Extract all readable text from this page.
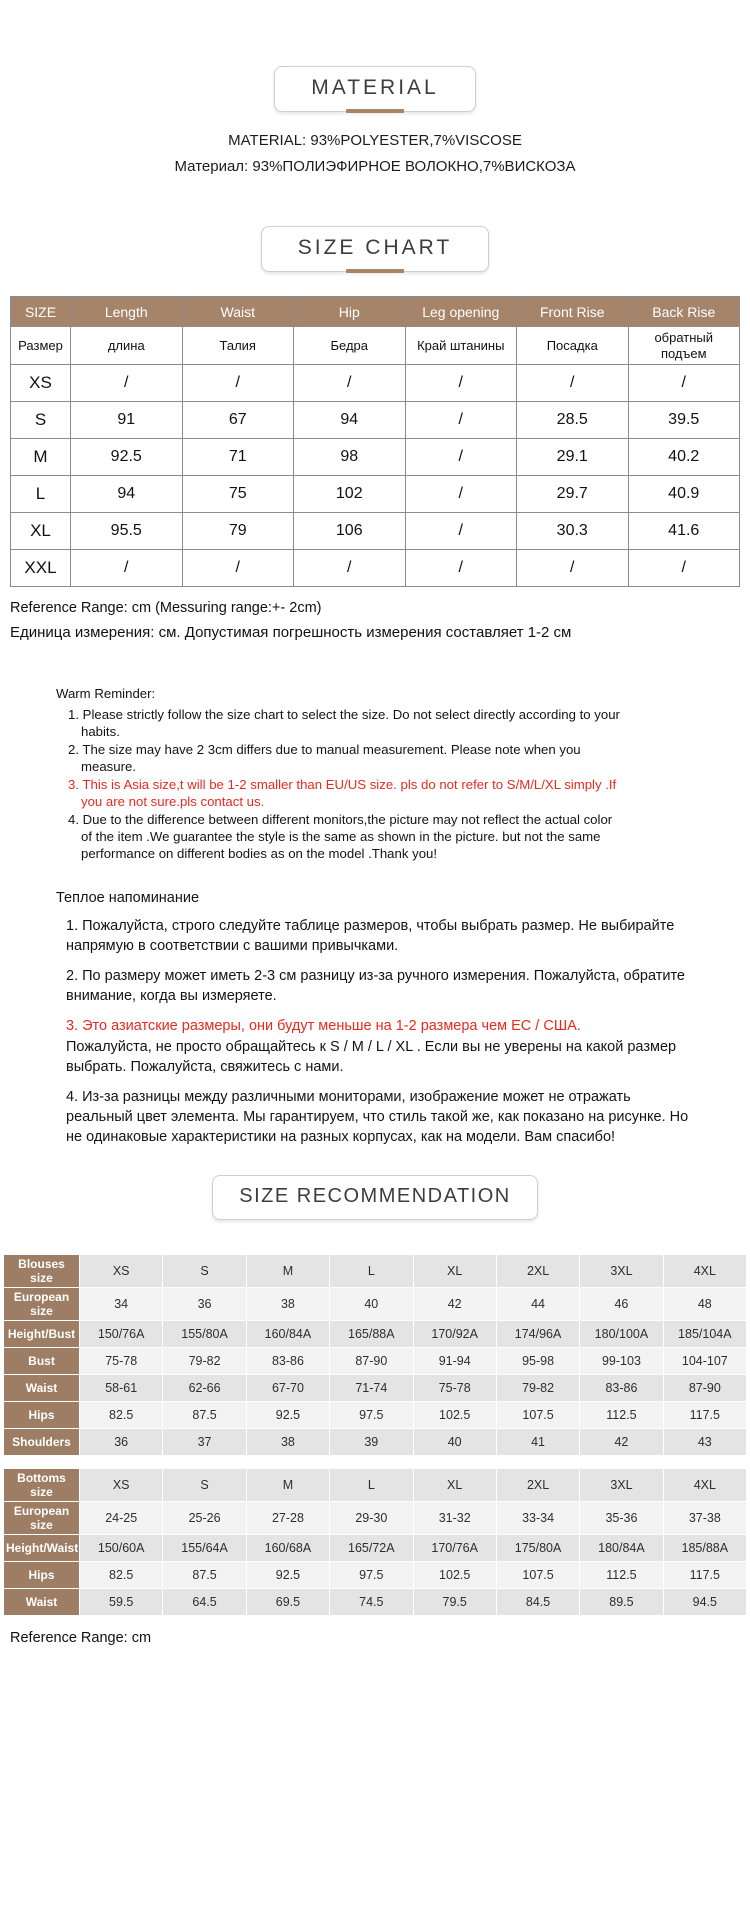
MATERIAL
MATERIAL: 93%POLYESTER,7%VISCOSE
Материал: 93%ПОЛИЭФИРНОЕ ВОЛОКНО,7%ВИСКОЗА
SIZE CHART
SIZE	Length	Waist	Hip	Leg opening	Front Rise	Back Rise
Размер	длина	Талия	Бедра	Край штанины	Посадка	обратный подъем
XS	/	/	/	/	/	/
S	91	67	94	/	28.5	39.5
M	92.5	71	98	/	29.1	40.2
L	94	75	102	/	29.7	40.9
XL	95.5	79	106	/	30.3	41.6
XXL	/	/	/	/	/	/
Reference Range: cm (Messuring range:+- 2cm)
Единица измерения: см. Допустимая погрешность измерения составляет 1-2 см
Warm Reminder:
1. Please strictly follow the size chart to select the size. Do not select directly according to your habits.
2. The size may have 2 3cm differs due to manual measurement. Please note when you measure.
3. This is Asia size,t will be 1-2 smaller than EU/US size. pls do not refer to S/M/L/XL simply .If you are not sure.pls contact us.
4. Due to the difference between different monitors,the picture may not reflect the actual color of the item .We guarantee the style is the same as shown in the picture. but not the same performance on different bodies as on the model .Thank you!
Теплое напоминание
1. Пожалуйста, строго следуйте таблице размеров, чтобы выбрать размер. Не выбирайте напрямую в соответствии с вашими привычками.
2. По размеру может иметь 2-3 см разницу из-за ручного измерения. Пожалуйста, обратите внимание, когда вы измеряете.
3. Это азиатские размеры, они будут меньше на 1-2 размера чем ЕС / США.
Пожалуйста, не просто обращайтесь к S / M / L / XL . Если вы не уверены на какой размер выбрать. Пожалуйста, свяжитесь с нами.
4. Из-за разницы между различными мониторами, изображение может не отражать реальный цвет элемента. Мы гарантируем, что стиль такой же, как показано на рисунке. Но не одинаковые характеристики на разных корпусах, как на модели. Вам спасибо!
SIZE RECOMMENDATION
Blouses size	XS	S	M	L	XL	2XL	3XL	4XL
European size	34	36	38	40	42	44	46	48
Height/Bust	150/76A	155/80A	160/84A	165/88A	170/92A	174/96A	180/100A	185/104A
Bust	75-78	79-82	83-86	87-90	91-94	95-98	99-103	104-107
Waist	58-61	62-66	67-70	71-74	75-78	79-82	83-86	87-90
Hips	82.5	87.5	92.5	97.5	102.5	107.5	112.5	117.5
Shoulders	36	37	38	39	40	41	42	43
Bottoms size	XS	S	M	L	XL	2XL	3XL	4XL
European size	24-25	25-26	27-28	29-30	31-32	33-34	35-36	37-38
Height/Waist	150/60A	155/64A	160/68A	165/72A	170/76A	175/80A	180/84A	185/88A
Hips	82.5	87.5	92.5	97.5	102.5	107.5	112.5	117.5
Waist	59.5	64.5	69.5	74.5	79.5	84.5	89.5	94.5
Reference Range: cm
